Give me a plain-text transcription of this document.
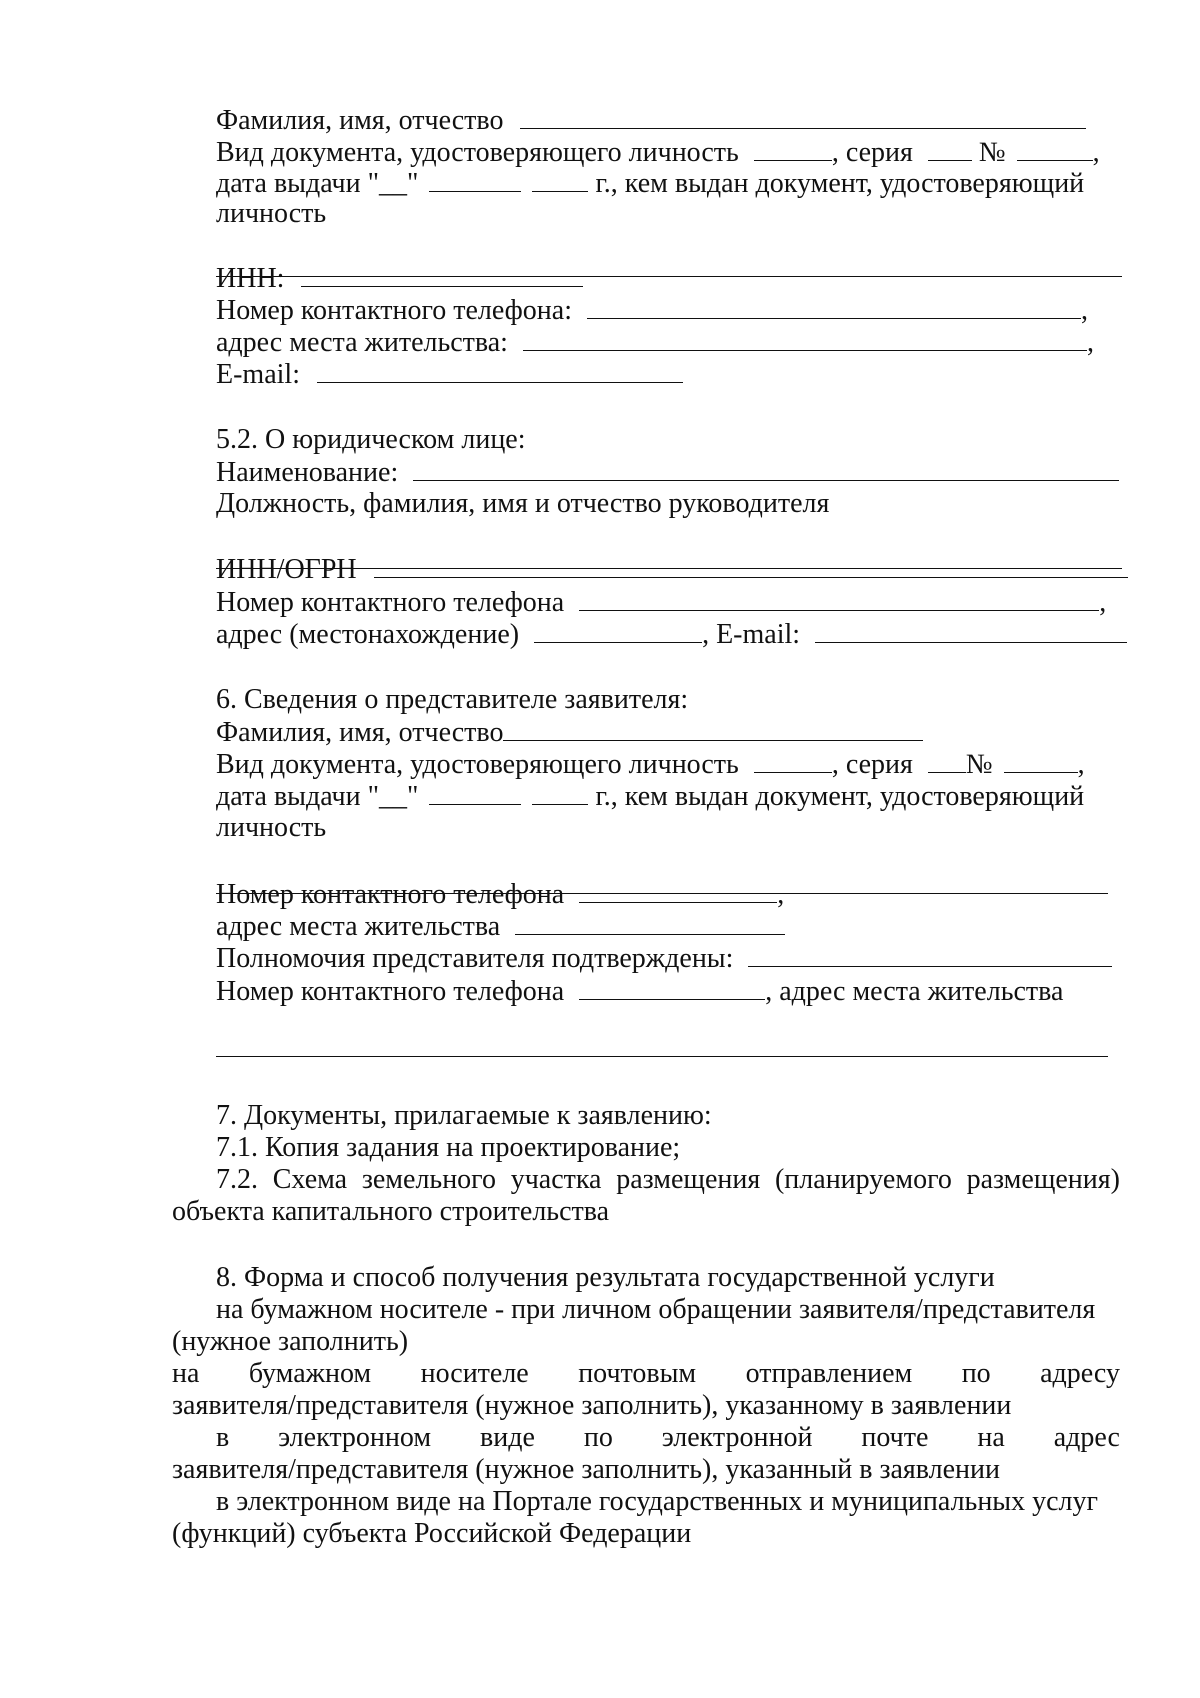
Фамилия, имя, отчество
Вид документа, удостоверяющего личность	, серия №	,
дата выдачи "__"	г., кем выдан документ, удостоверяющий
личность
ИНН:
Номер контактного телефона:	,
адрес места жительства:	,
E-mail:
5.2. О юридическом лице:
Наименование:
Должность, фамилия, имя и отчество руководителя
ИНН/ОГРН
Номер контактного телефона	,
адрес (местонахождение)	, E-mail:
6. Сведения о представителе заявителя:
Фамилия, имя, отчество
Вид документа, удостоверяющего личность	, серия №	,
дата выдачи "__"	г., кем выдан документ, удостоверяющий
личность
Номер контактного телефона	,
адрес места жительства
Полномочия представителя подтверждены:
Номер контактного телефона	, адрес места жительства
7. Документы, прилагаемые к заявлению:
7.1. Копия задания на проектирование;
7.2. Схема земельного участка размещения (планируемого размещения)
объекта капитального строительства
8. Форма и способ получения результата государственной услуги
на бумажном носителе - при личном обращении заявителя/представителя
(нужное заполнить)
на бумажном носителе почтовым отправлением по адресу
заявителя/представителя (нужное заполнить), указанному в заявлении
в электронном виде по электронной почте на адрес
заявителя/представителя (нужное заполнить), указанный в заявлении
в электронном виде на Портале государственных и муниципальных услуг
(функций) субъекта Российской Федерации
